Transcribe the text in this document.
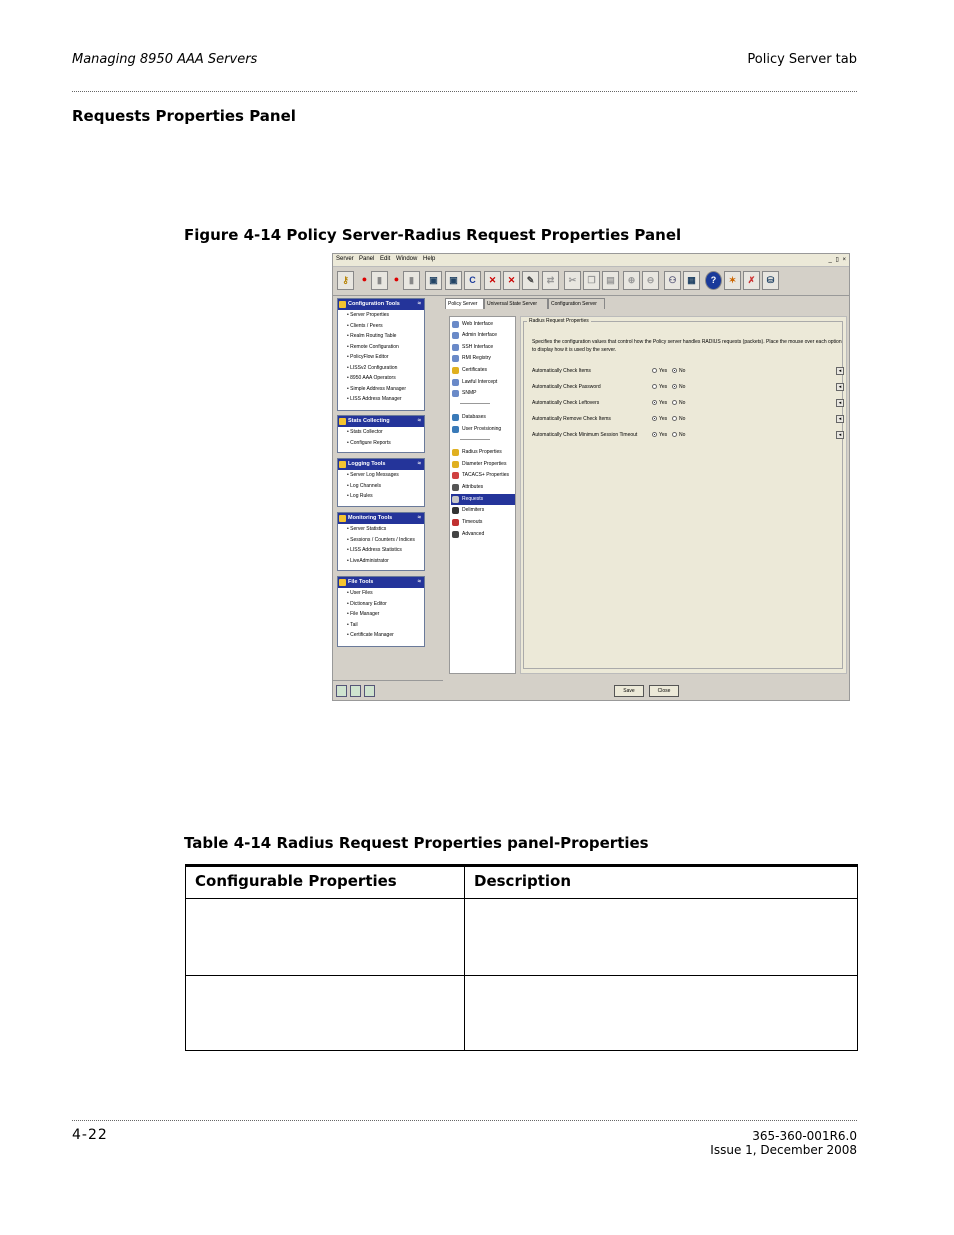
Managing 8950 AAA Servers	Policy Server tab
Requests Properties Panel
Figure 4-14 Policy Server-Radius Request Properties Panel
Server Panel Edit Window Help	_ ▯ ×
⚷	●	▮	●	▮	▣	▣	C	✕	✕	✎	⇄	✂	❐	▤	⊕	⊖	⚇	▦	?	✶	✗	⛁
Configuration Tools	≈
• Server Properties
• Clients / Peers
• Realm Routing Table
• Remote Configuration
• PolicyFlow Editor
• LISSv2 Configuration
• 8950 AAA Operators
• Simple Address Manager
• LISS Address Manager
Stats Collecting	≈
• Stats Collector
• Configure Reports
Logging Tools	≈
• Server Log Messages
• Log Channels
• Log Rules
Monitoring Tools	≈
• Server Statistics
• Sessions / Counters / Indices
• LISS Address Statistics
• LiveAdministrator
File Tools	≈
• User Files
• Dictionary Editor
• File Manager
• Tail
• Certificate Manager
Policy Server	Universal State Server	Configuration Server
Web Interface
Admin Interface
SSH Interface
RMI Registry
Certificates
Lawful Intercept
SNMP
Databases
User Provisioning
Radius Properties
Diameter Properties
TACACS+ Properties
Attributes
Requests
Delimiters
Timeouts
Advanced
Radius Request Properties
Specifies the configuration values that control how the Policy server handles RADIUS requests (packets). Place the mouse over each option to display how it is used by the server.
Automatically Check Items	Yes No	◂
Automatically Check Password	Yes No	◂
Automatically Check Leftovers	Yes No	◂
Automatically Remove Check Items	Yes No	◂
Automatically Check Minimum Session Timeout	Yes No	◂
Save	Close
Table 4-14 Radius Request Properties panel-Properties
Configurable Properties	Description
4-22	365-360-001R6.0
Issue 1, December 2008
